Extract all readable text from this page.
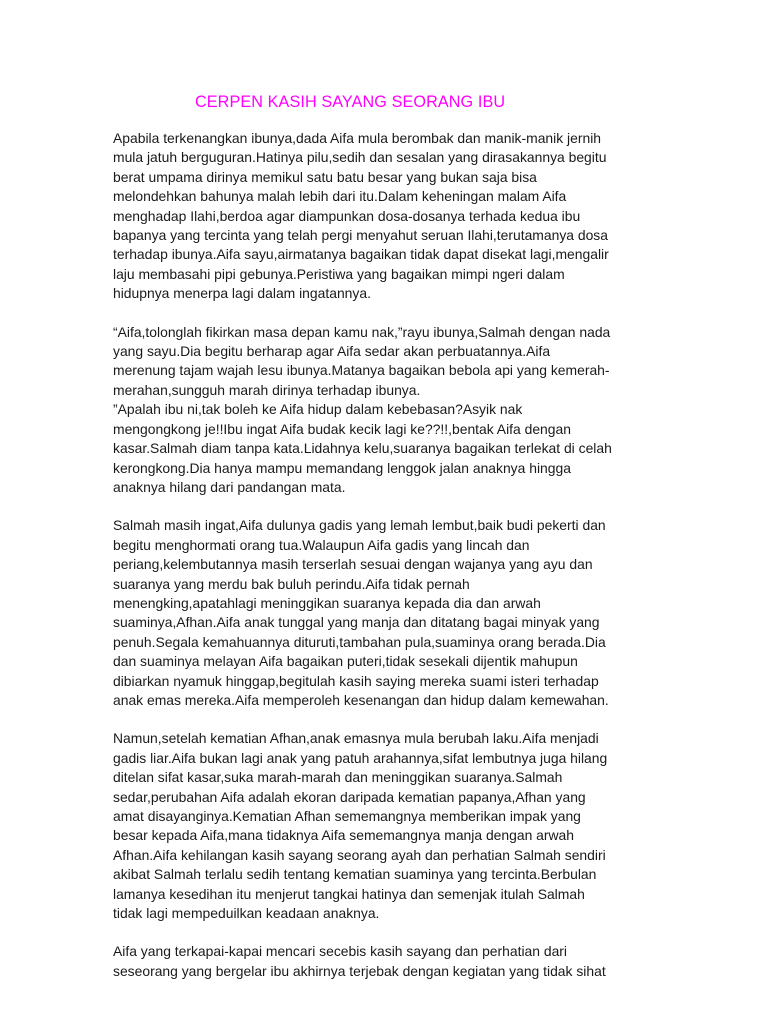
CERPEN KASIH SAYANG SEORANG IBU

Apabila terkenangkan ibunya,dada Aifa mula berombak dan manik-manik jernih
mula jatuh berguguran.Hatinya pilu,sedih dan sesalan yang dirasakannya begitu
berat umpama dirinya memikul satu batu besar yang bukan saja bisa
melondehkan bahunya malah lebih dari itu.Dalam keheningan malam Aifa
menghadap Ilahi,berdoa agar diampunkan dosa-dosanya terhada kedua ibu
bapanya yang tercinta yang telah pergi menyahut seruan Ilahi,terutamanya dosa
terhadap ibunya.Aifa sayu,airmatanya bagaikan tidak dapat disekat lagi,mengalir
laju membasahi pipi gebunya.Peristiwa yang bagaikan mimpi ngeri dalam
hidupnya menerpa lagi dalam ingatannya.

“Aifa,tolonglah fikirkan masa depan kamu nak,”rayu ibunya,Salmah dengan nada
yang sayu.Dia begitu berharap agar Aifa sedar akan perbuatannya.Aifa
merenung tajam wajah lesu ibunya.Matanya bagaikan bebola api yang kemerah-
merahan,sungguh marah dirinya terhadap ibunya.
”Apalah ibu ni,tak boleh ke Aifa hidup dalam kebebasan?Asyik nak
mengongkong je!!Ibu ingat Aifa budak kecik lagi ke??!!,bentak Aifa dengan
kasar.Salmah diam tanpa kata.Lidahnya kelu,suaranya bagaikan terlekat di celah
kerongkong.Dia hanya mampu memandang lenggok jalan anaknya hingga
anaknya hilang dari pandangan mata.

Salmah masih ingat,Aifa dulunya gadis yang lemah lembut,baik budi pekerti dan
begitu menghormati orang tua.Walaupun Aifa gadis yang lincah dan
periang,kelembutannya masih terserlah sesuai dengan wajanya yang ayu dan
suaranya yang merdu bak buluh perindu.Aifa tidak pernah
menengking,apatahlagi meninggikan suaranya kepada dia dan arwah
suaminya,Afhan.Aifa anak tunggal yang manja dan ditatang bagai minyak yang
penuh.Segala kemahuannya dituruti,tambahan pula,suaminya orang berada.Dia
dan suaminya melayan Aifa bagaikan puteri,tidak sesekali dijentik mahupun
dibiarkan nyamuk hinggap,begitulah kasih saying mereka suami isteri terhadap
anak emas mereka.Aifa memperoleh kesenangan dan hidup dalam kemewahan.

Namun,setelah kematian Afhan,anak emasnya mula berubah laku.Aifa menjadi
gadis liar.Aifa bukan lagi anak yang patuh arahannya,sifat lembutnya juga hilang
ditelan sifat kasar,suka marah-marah dan meninggikan suaranya.Salmah
sedar,perubahan Aifa adalah ekoran daripada kematian papanya,Afhan yang
amat disayanginya.Kematian Afhan sememangnya memberikan impak yang
besar kepada Aifa,mana tidaknya Aifa sememangnya manja dengan arwah
Afhan.Aifa kehilangan kasih sayang seorang ayah dan perhatian Salmah sendiri
akibat Salmah terlalu sedih tentang kematian suaminya yang tercinta.Berbulan
lamanya kesedihan itu menjerut tangkai hatinya dan semenjak itulah Salmah
tidak lagi mempeduilkan keadaan anaknya.

Aifa yang terkapai-kapai mencari secebis kasih sayang dan perhatian dari
seseorang yang bergelar ibu akhirnya terjebak dengan kegiatan yang tidak sihat
